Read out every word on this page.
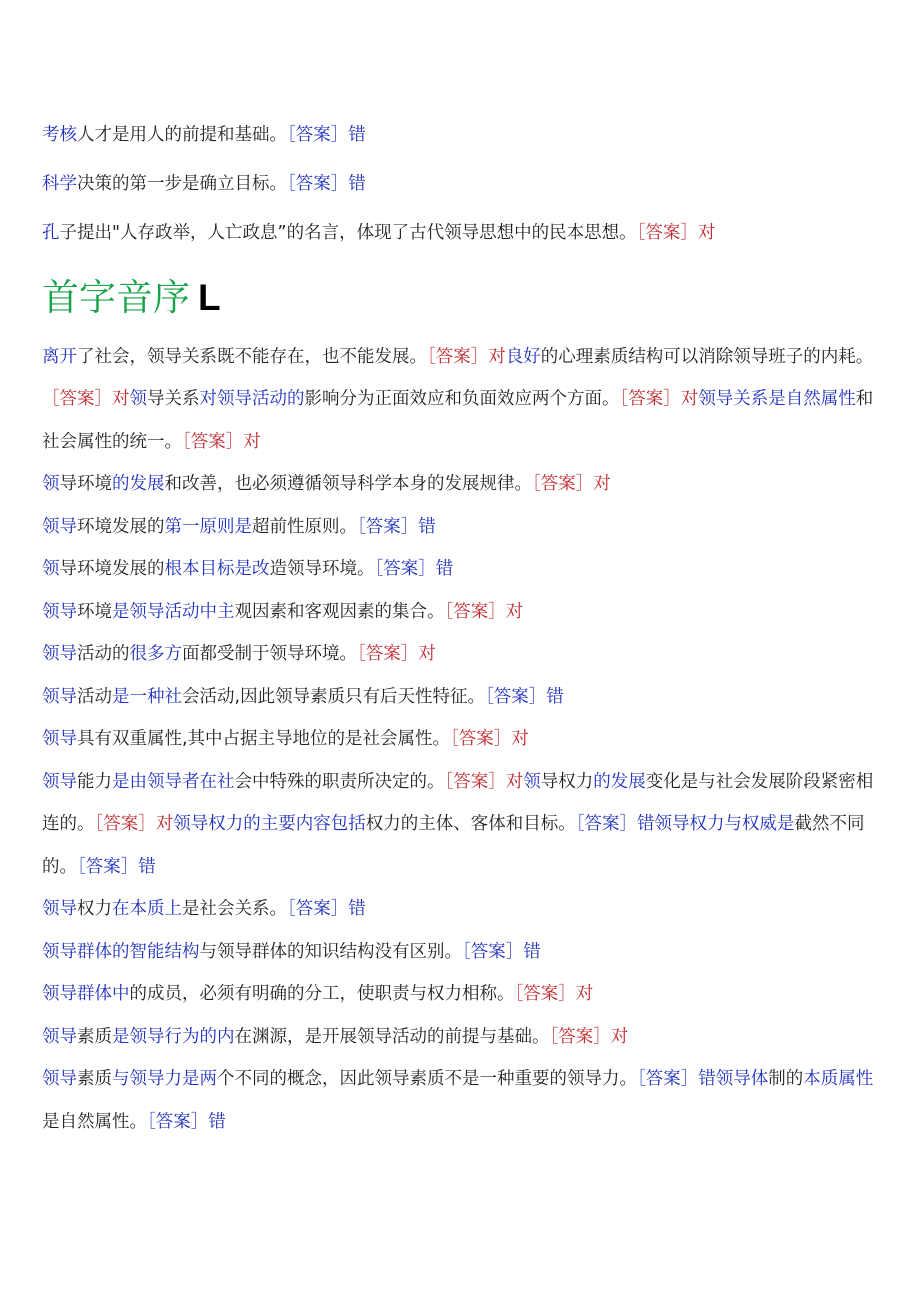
考核人才是用人的前提和基础。［答案］错

科学决策的第一步是确立目标。［答案］错

孔子提出"人存政举，人亡政息”的名言，体现了古代领导思想中的民本思想。［答案］对

首字音序 L

离开了社会，领导关系既不能存在，也不能发展。［答案］对良好的心理素质结构可以消除领导班子的内耗。［答案］对领导关系对领导活动的影响分为正面效应和负面效应两个方面。［答案］对领导关系是自然属性和社会属性的统一。［答案］对

领导环境的发展和改善，也必须遵循领导科学本身的发展规律。［答案］对

领导环境发展的第一原则是超前性原则。［答案］错

领导环境发展的根本目标是改造领导环境。［答案］错

领导环境是领导活动中主观因素和客观因素的集合。［答案］对

领导活动的很多方面都受制于领导环境。［答案］对

领导活动是一种社会活动,因此领导素质只有后天性特征。［答案］错

领导具有双重属性,其中占据主导地位的是社会属性。［答案］对

领导能力是由领导者在社会中特殊的职责所决定的。［答案］对领导权力的发展变化是与社会发展阶段紧密相连的。［答案］对领导权力的主要内容包括权力的主体、客体和目标。［答案］错领导权力与权威是截然不同的。［答案］错

领导权力在本质上是社会关系。［答案］错

领导群体的智能结构与领导群体的知识结构没有区别。［答案］错

领导群体中的成员，必须有明确的分工，使职责与权力相称。［答案］对

领导素质是领导行为的内在渊源，是开展领导活动的前提与基础。［答案］对

领导素质与领导力是两个不同的概念，因此领导素质不是一种重要的领导力。［答案］错领导体制的本质属性是自然属性。［答案］错
